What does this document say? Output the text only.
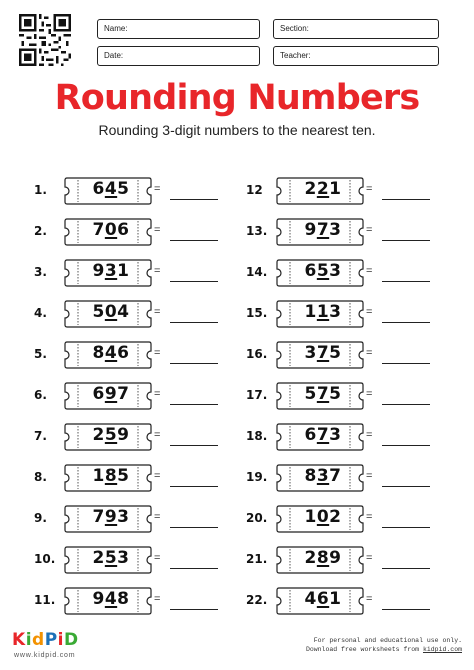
Name:	Section:
Date:	Teacher:
Rounding Numbers
Rounding 3-digit numbers to the nearest ten.
1.	645	=
2.	706	=
3.	931	=
4.	504	=
5.	846	=
6.	697	=
7.	259	=
8.	185	=
9.	793	=
10.	253	=
11.	948	=
12	221	=
13.	973	=
14.	653	=
15.	113	=
16.	375	=
17.	575	=
18.	673	=
19.	837	=
20.	102	=
21.	289	=
22.	461	=
KidPiD
www.kidpid.com
For personal and educational use only.
Download free worksheets from kidpid.com
